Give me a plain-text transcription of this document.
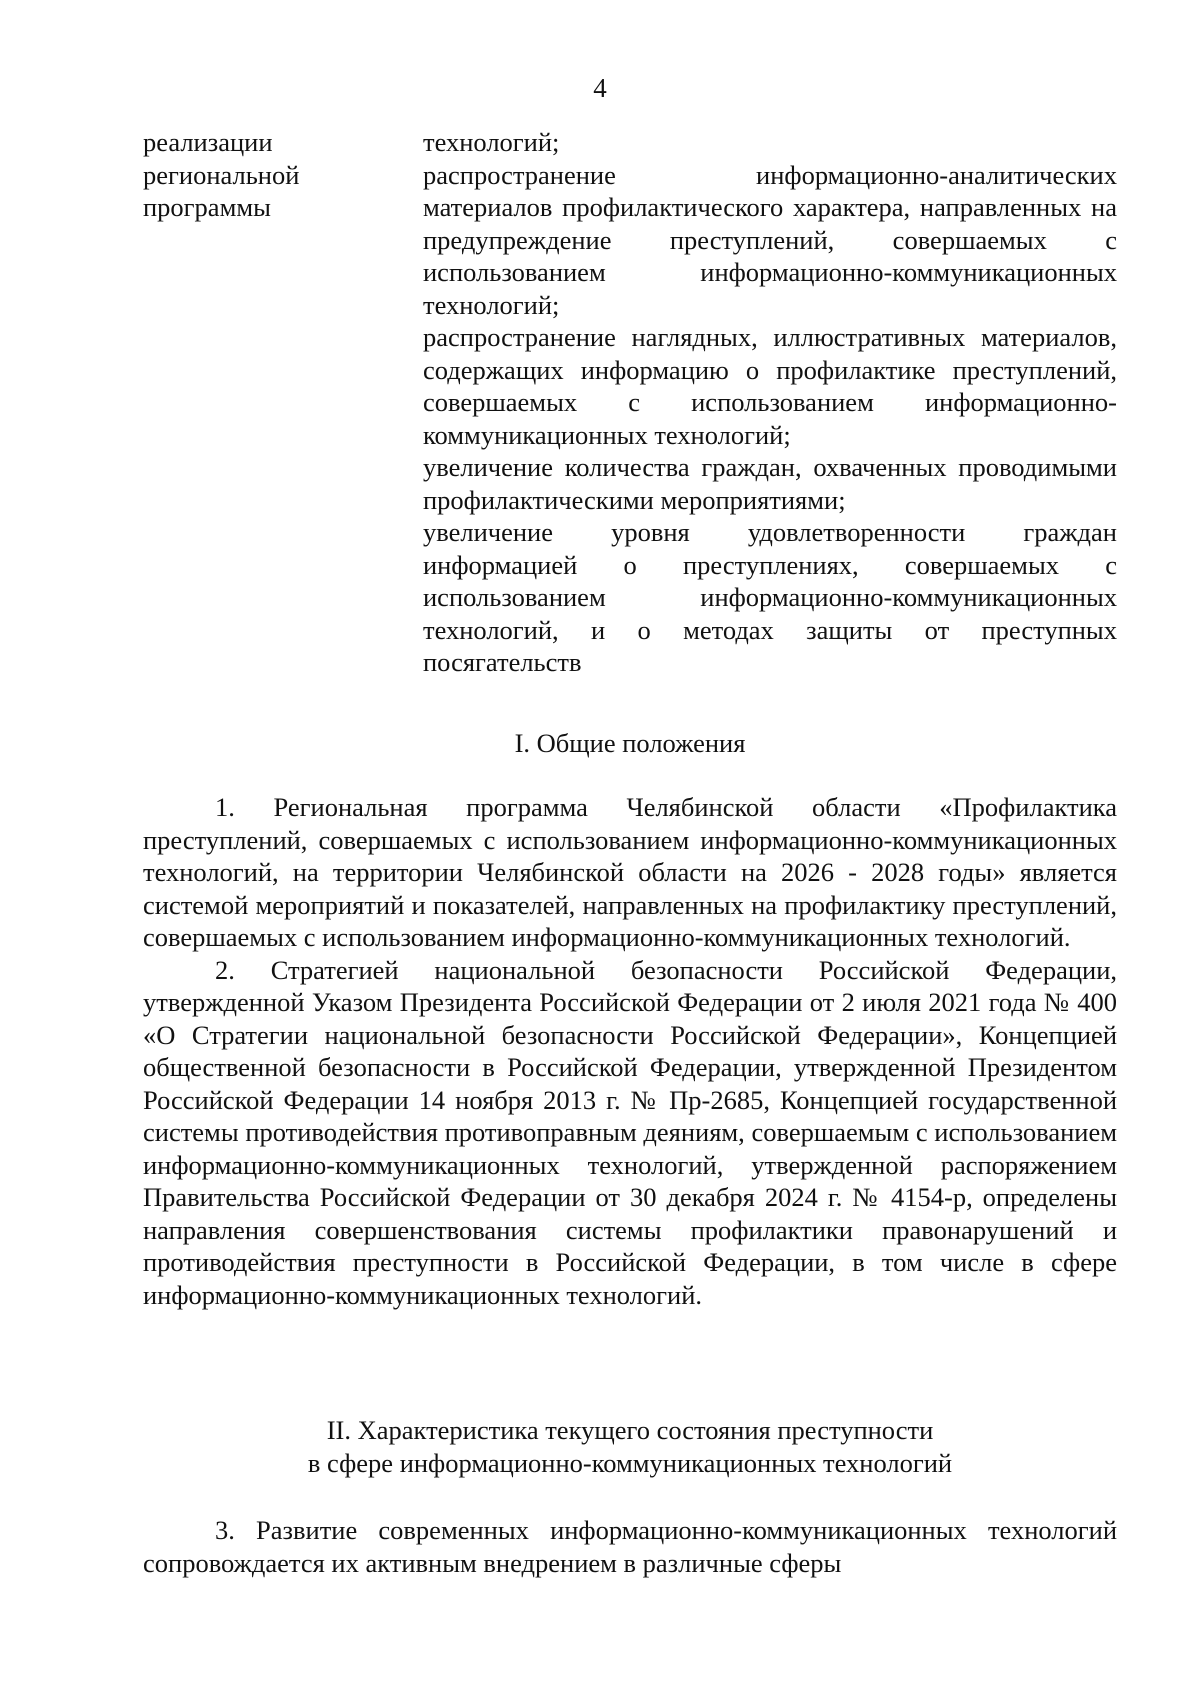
4
реализации
региональной
программы

технологий;

распространение информационно-аналитических материалов профилактического характера, направленных на предупреждение преступлений, совершаемых с использованием информационно-коммуникационных технологий;

распространение наглядных, иллюстративных материалов, содержащих информацию о профилактике преступлений, совершаемых с использованием информационно-коммуникационных технологий;

увеличение количества граждан, охваченных проводимыми профилактическими мероприятиями;

увеличение уровня удовлетворенности граждан информацией о преступлениях, совершаемых с использованием информационно-коммуникационных технологий, и о методах защиты от преступных посягательств

I. Общие положения

1. Региональная программа Челябинской области «Профилактика преступлений, совершаемых с использованием информационно-коммуникационных технологий, на территории Челябинской области на 2026 - 2028 годы» является системой мероприятий и показателей, направленных на профилактику преступлений, совершаемых с использованием информационно-коммуникационных технологий.

2. Стратегией национальной безопасности Российской Федерации, утвержденной Указом Президента Российской Федерации от 2 июля 2021 года № 400 «О Стратегии национальной безопасности Российской Федерации», Концепцией общественной безопасности в Российской Федерации, утвержденной Президентом Российской Федерации 14 ноября 2013 г. № Пр-2685, Концепцией государственной системы противодействия противоправным деяниям, совершаемым с использованием информационно-коммуникационных технологий, утвержденной распоряжением Правительства Российской Федерации от 30 декабря 2024 г. № 4154-р, определены направления совершенствования системы профилактики правонарушений и противодействия преступности в Российской Федерации, в том числе в сфере информационно-коммуникационных технологий.

II. Характеристика текущего состояния преступности
в сфере информационно-коммуникационных технологий

3. Развитие современных информационно-коммуникационных технологий сопровождается их активным внедрением в различные сферы
